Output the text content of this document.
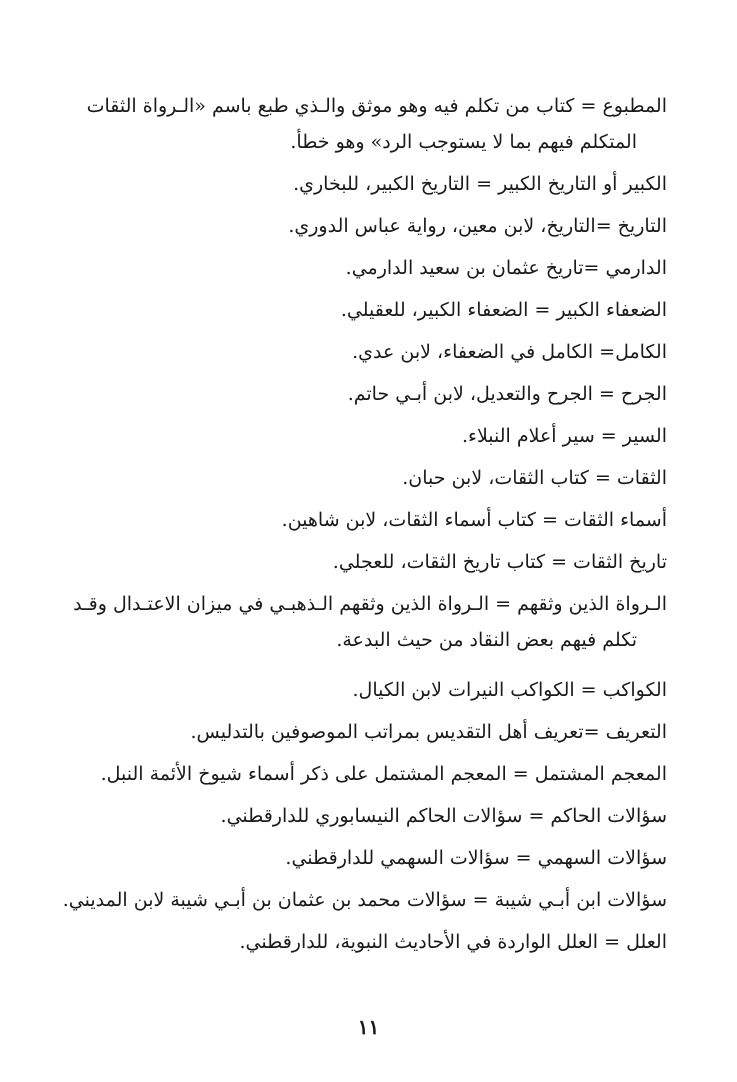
المطبوع = كتاب من تكلم فيه وهو موثق والـذي طبع باسم «الـرواة الثقات المتكلم فيهم بما لا يستوجب الرد» وهو خطأ.
الكبير أو التاريخ الكبير = التاريخ الكبير، للبخاري.
التاريخ =التاريخ، لابن معين، رواية عباس الدوري.
الدارمي =تاريخ عثمان بن سعيد الدارمي.
الضعفاء الكبير = الضعفاء الكبير، للعقيلي.
الكامل= الكامل في الضعفاء، لابن عدي.
الجرح = الجرح والتعديل، لابن أبـي حاتم.
السير = سير أعلام النبلاء.
الثقات = كتاب الثقات، لابن حبان.
أسماء الثقات = كتاب أسماء الثقات، لابن شاهين.
تاريخ الثقات = كتاب تاريخ الثقات، للعجلي.
الـرواة الذين وثقهم = الـرواة الذين وثقهم الـذهبـي في ميزان الاعتـدال وقـد تكلم فيهم بعض النقاد من حيث البدعة.
الكواكب = الكواكب النيرات لابن الكيال.
التعريف =تعريف أهل التقديس بمراتب الموصوفين بالتدليس.
المعجم المشتمل = المعجم المشتمل على ذكر أسماء شيوخ الأئمة النبل.
سؤالات الحاكم = سؤالات الحاكم النيسابوري للدارقطني.
سؤالات السهمي = سؤالات السهمي للدارقطني.
سؤالات ابن أبـي شيبة = سؤالات محمد بن عثمان بن أبـي شيبة لابن المديني.
العلل = العلل الواردة في الأحاديث النبوية، للدارقطني.
١١
